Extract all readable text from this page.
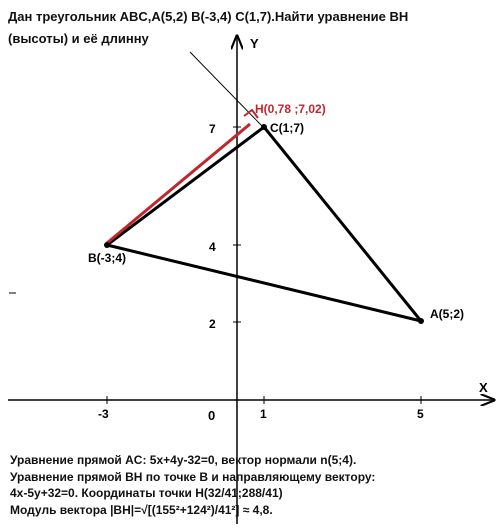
Дан треугольник ABC,A(5,2) B(-3,4) C(1,7).Найти уравнение ВН
(высоты) и её длинну
X
Y
0
-3	1	5
2
4
7
H(0,78 ;7,02)
C(1;7)
B(-3;4)
A(5;2)
Уравнение прямой AC: 5x+4y-32=0, вектор нормали n(5;4).
Уравнение прямой BH по точке B и направляющему вектору:
4x-5y+32=0. Координаты точки H(32/41;288/41)
Модуль вектора |BH|=√[(155²+124²)/41²] ≈ 4,8.
